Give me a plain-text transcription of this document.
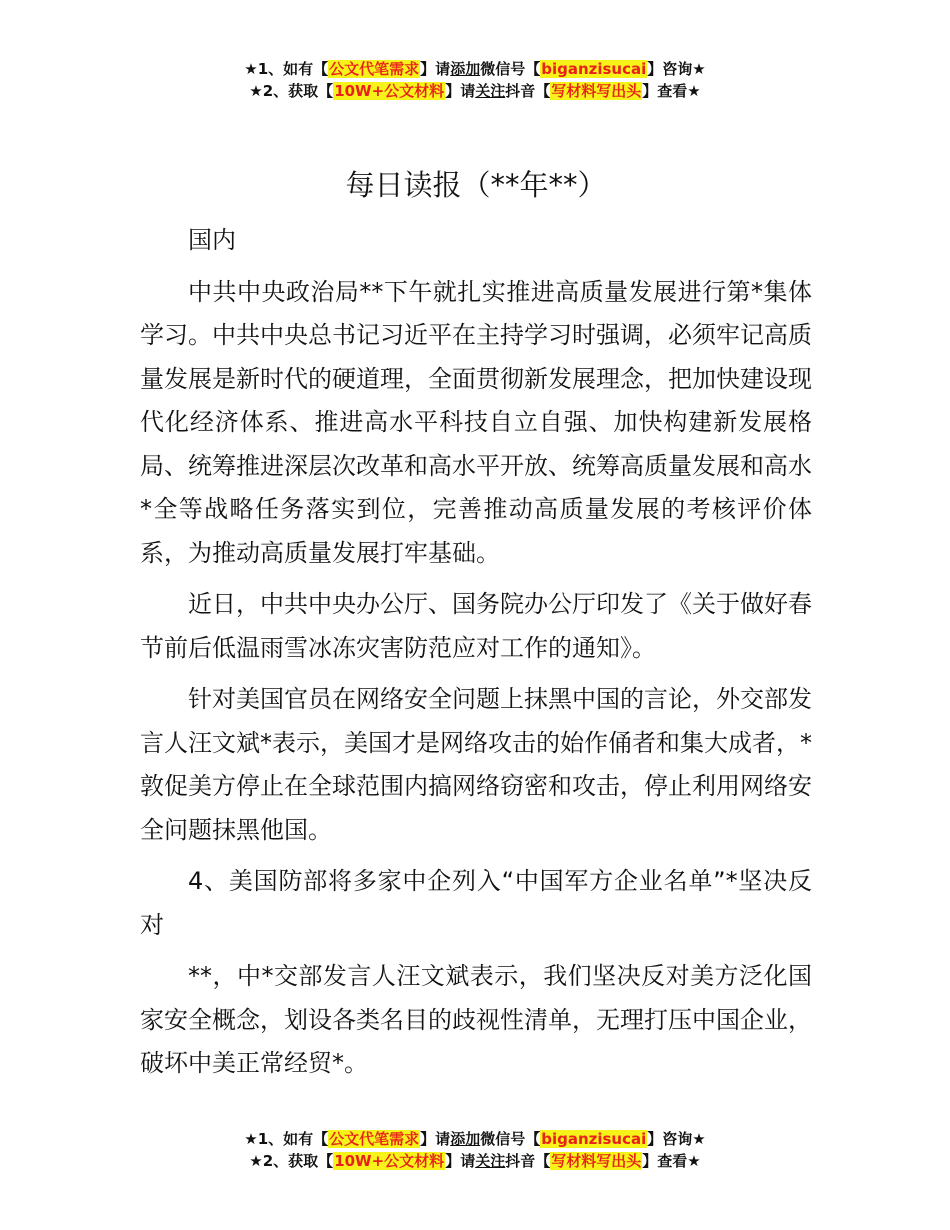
★1、如有【公文代笔需求】请添加微信号【biganzisucai】咨询★
★2、获取【10W+公文材料】请关注抖音【写材料写出头】查看★
每日读报（**年**）

国内

中共中央政治局**下午就扎实推进高质量发展进行第*集体学习。中共中央总书记习近平在主持学习时强调，必须牢记高质量发展是新时代的硬道理，全面贯彻新发展理念，把加快建设现代化经济体系、推进高水平科技自立自强、加快构建新发展格局、统筹推进深层次改革和高水平开放、统筹高质量发展和高水*全等战略任务落实到位，完善推动高质量发展的考核评价体系，为推动高质量发展打牢基础。

近日，中共中央办公厅、国务院办公厅印发了《关于做好春节前后低温雨雪冰冻灾害防范应对工作的通知》。

针对美国官员在网络安全问题上抹黑中国的言论，外交部发言人汪文斌*表示，美国才是网络攻击的始作俑者和集大成者，*敦促美方停止在全球范围内搞网络窃密和攻击，停止利用网络安全问题抹黑他国。

4、美国防部将多家中企列入“中国军方企业名单”*坚决反对

**，中*交部发言人汪文斌表示，我们坚决反对美方泛化国家安全概念，划设各类名目的歧视性清单，无理打压中国企业，破坏中美正常经贸*。

★1、如有【公文代笔需求】请添加微信号【biganzisucai】咨询★
★2、获取【10W+公文材料】请关注抖音【写材料写出头】查看★
